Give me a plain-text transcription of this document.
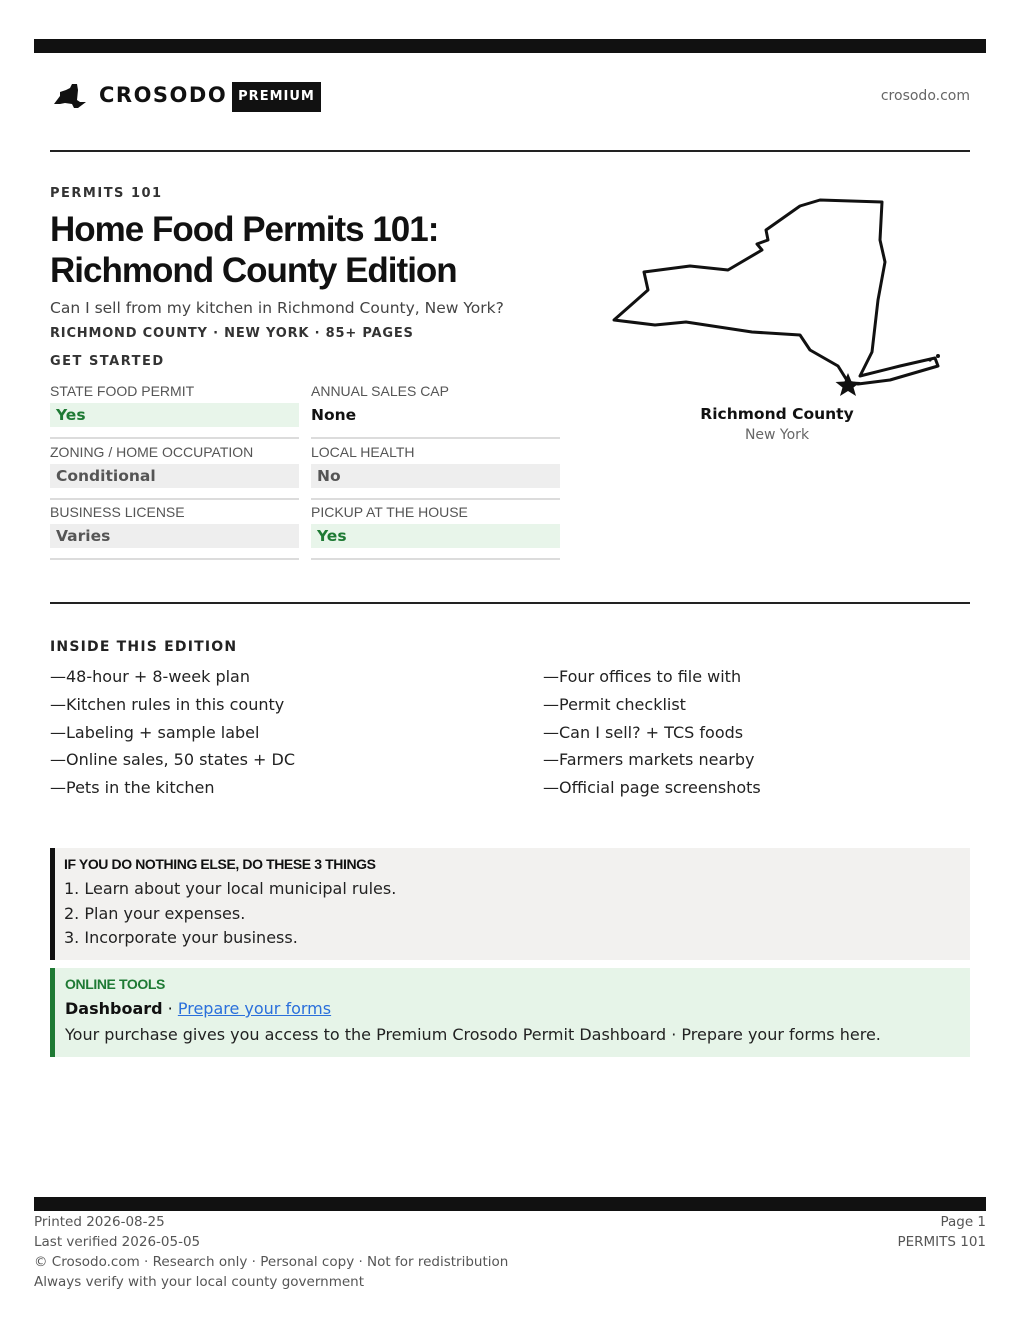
CROSODO PREMIUM	crosodo.com
PERMITS 101
Home Food Permits 101:
Richmond County Edition
Can I sell from my kitchen in Richmond County, New York?
RICHMOND COUNTY · NEW YORK · 85+ PAGES
GET STARTED
STATE FOOD PERMIT
Yes
ANNUAL SALES CAP
None
ZONING / HOME OCCUPATION
Conditional
LOCAL HEALTH
No
BUSINESS LICENSE
Varies
PICKUP AT THE HOUSE
Yes
Richmond County
New York
INSIDE THIS EDITION
—48-hour + 8-week plan
—Kitchen rules in this county
—Labeling + sample label
—Online sales, 50 states + DC
—Pets in the kitchen
—Four offices to file with
—Permit checklist
—Can I sell? + TCS foods
—Farmers markets nearby
—Official page screenshots
IF YOU DO NOTHING ELSE, DO THESE 3 THINGS
1. Learn about your local municipal rules.
2. Plan your expenses.
3. Incorporate your business.
ONLINE TOOLS
Dashboard · Prepare your forms
Your purchase gives you access to the Premium Crosodo Permit Dashboard · Prepare your forms here.
Printed 2026-08-25
Last verified 2026-05-05
© Crosodo.com · Research only · Personal copy · Not for redistribution
Always verify with your local county government
Page 1
PERMITS 101
